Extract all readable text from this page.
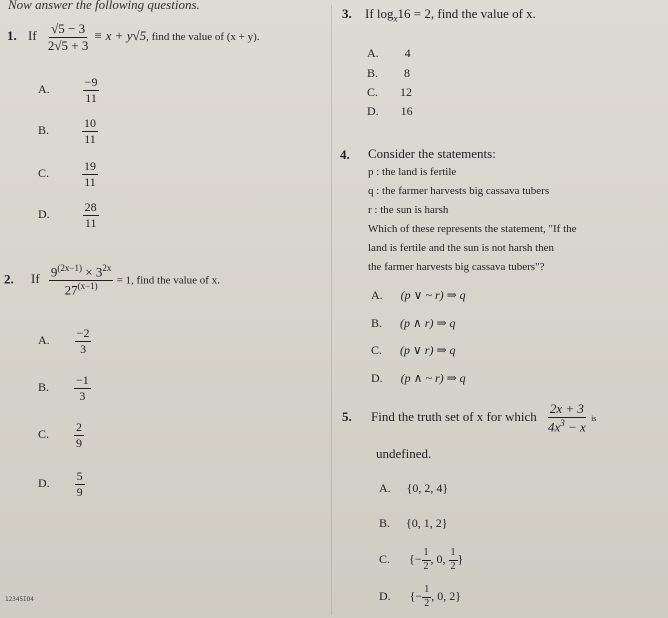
Now answer the following questions.
1. If $\frac{√5 - 3}{2√5 + 3} \equiv x + y√5$, find the value of (x + y).
A.	$\frac{-9}{11}$
B.	$\frac{10}{11}$
C.	$\frac{19}{11}$
D.	$\frac{28}{11}$
2. If $\frac{9^{(2x-1)} \times 3^{2x}}{27^{(x-1)}} = 1$, find the value of x.
A. $\frac{-2}{3}$
B. $\frac{-1}{3}$
C. $\frac{2}{9}$
D. $\frac{5}{9}$
12345IO4
3. If $\log_x16 = 2$, find the value of x.
A. 4
B. 8
C. 12
D. 16
4. Consider the statements:
p : the land is fertile
q : the farmer harvests big cassava tubers
r : the sun is harsh
Which of these represents the statement, "If the
land is fertile and the sun is not harsh then
the farmer harvests big cassava tubers"?
A. (p ∨ ~ r) ⇒ q
B. (p ∧ r) ⇒ q
C. (p ∨ r) ⇒ q
D. (p ∧ ~ r) ⇒ q
5. Find the truth set of x for which $\frac{2x + 3}{4x^3 - x}$ is
undefined.
A. {0, 2, 4}
B. {0, 1, 2}
C. {− $\frac{1}{2}$ , 0, $\frac{1}{2}$ }
D. {− $\frac{1}{2}$ , 0, 2}
